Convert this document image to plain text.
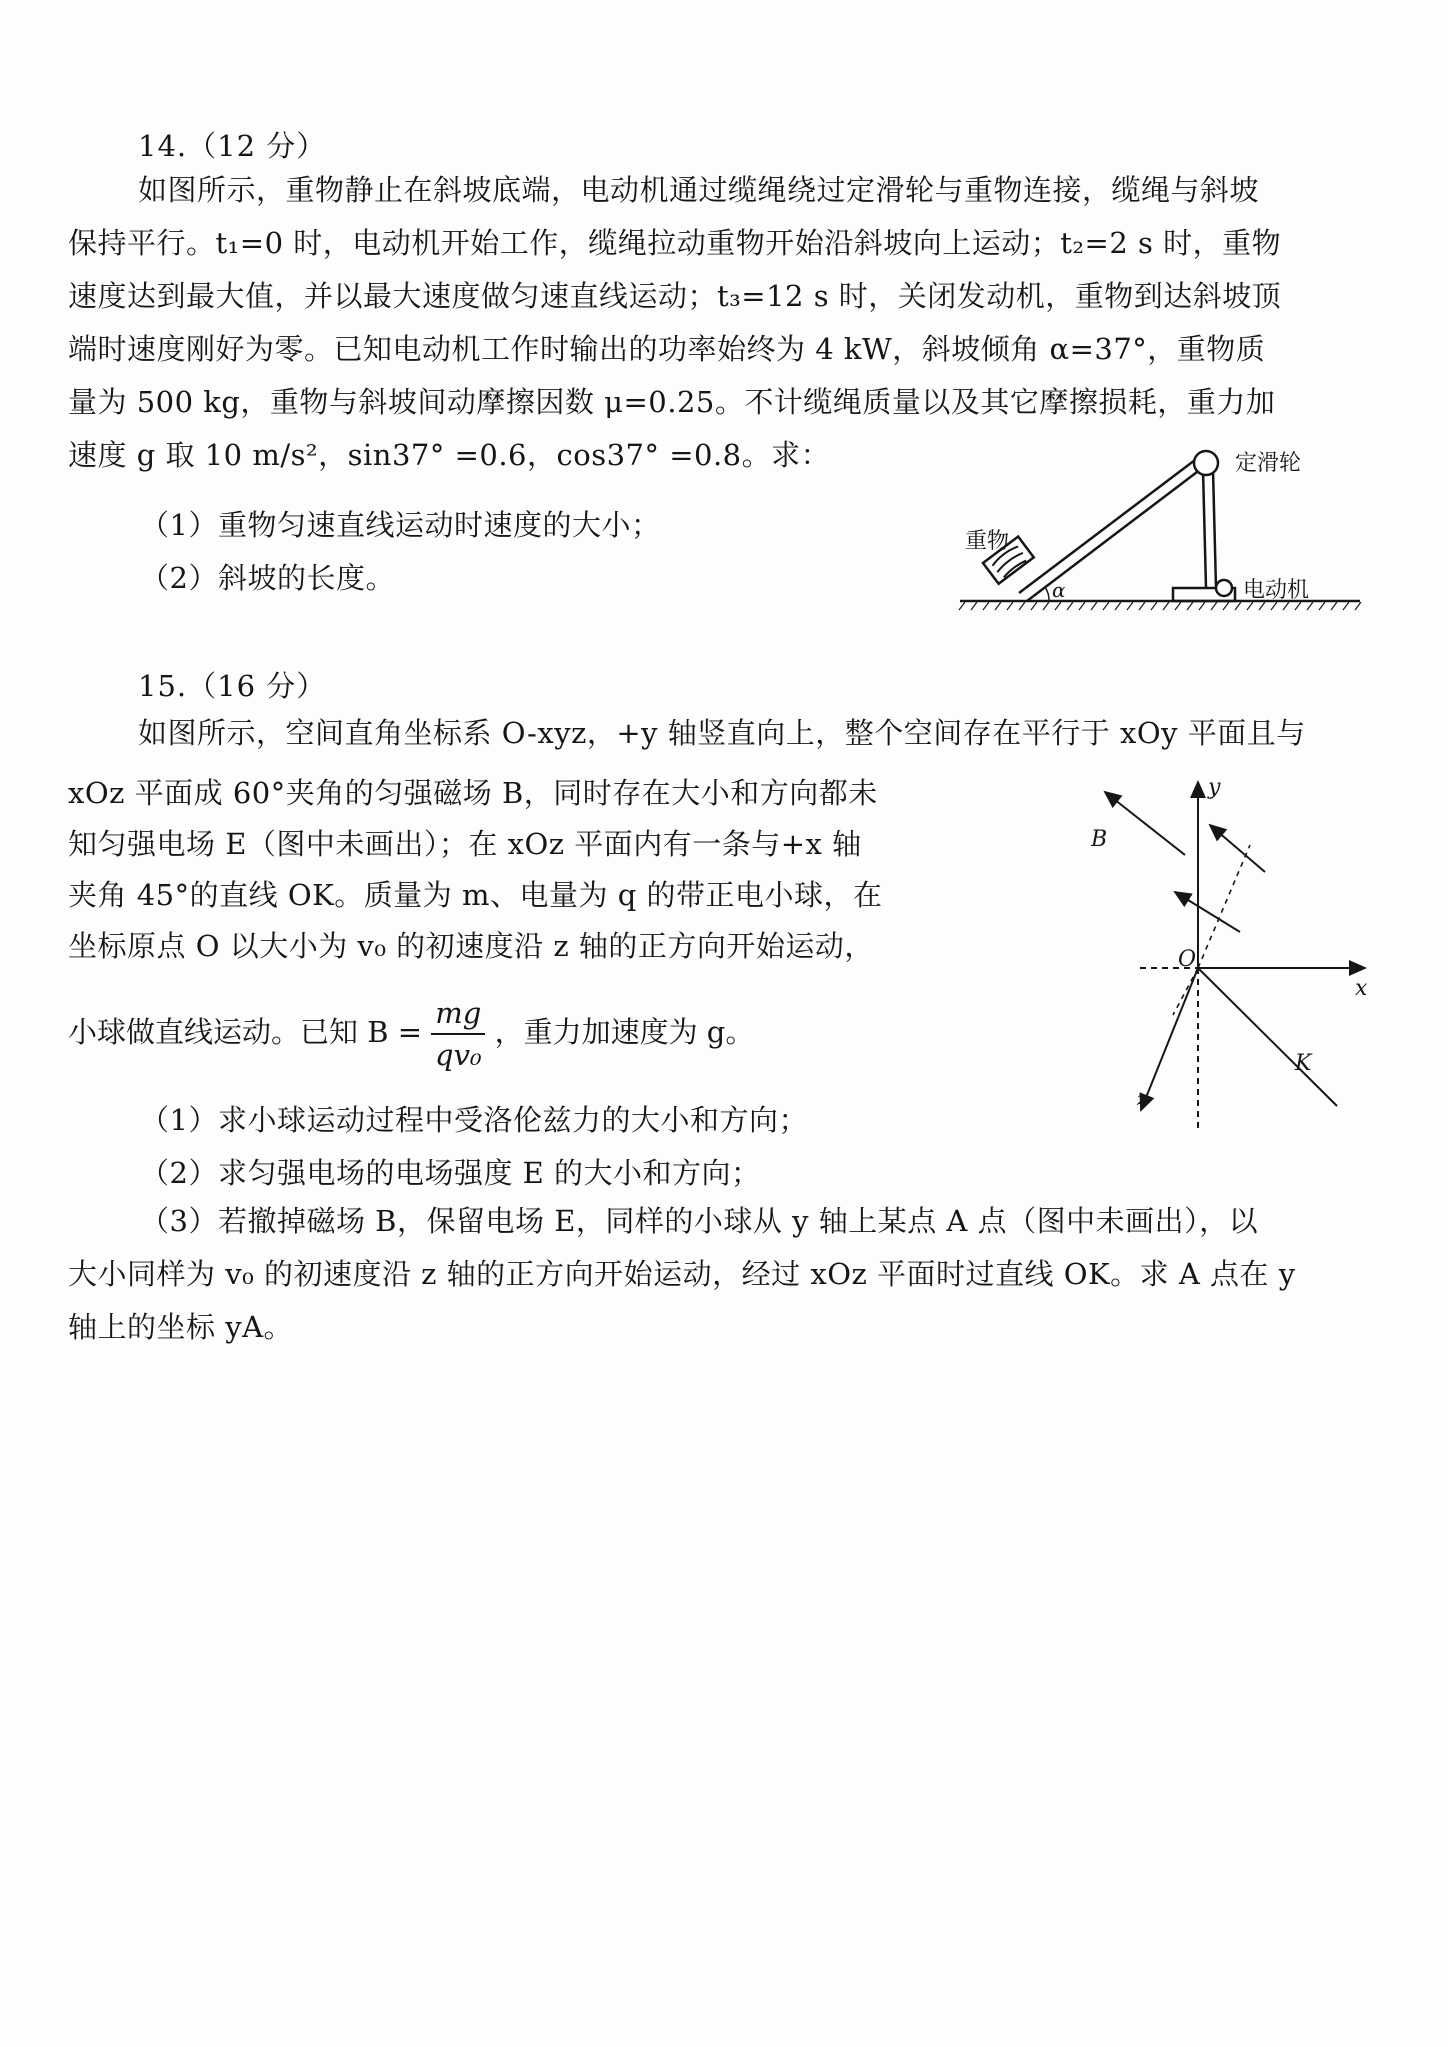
14.（12 分）
如图所示，重物静止在斜坡底端，电动机通过缆绳绕过定滑轮与重物连接，缆绳与斜坡
保持平行。t₁=0 时，电动机开始工作，缆绳拉动重物开始沿斜坡向上运动；t₂=2 s 时，重物
速度达到最大值，并以最大速度做匀速直线运动；t₃=12 s 时，关闭发动机，重物到达斜坡顶
端时速度刚好为零。已知电动机工作时输出的功率始终为 4 kW，斜坡倾角 α=37°，重物质
量为 500 kg，重物与斜坡间动摩擦因数 μ=0.25。不计缆绳质量以及其它摩擦损耗，重力加
速度 g 取 10 m/s²，sin37° =0.6，cos37° =0.8。求：
（1）重物匀速直线运动时速度的大小；
（2）斜坡的长度。
定滑轮
重物
电动机
α
15.（16 分）
如图所示，空间直角坐标系 O-xyz，+y 轴竖直向上，整个空间存在平行于 xOy 平面且与
xOz 平面成 60°夹角的匀强磁场 B，同时存在大小和方向都未
知匀强电场 E（图中未画出）；在 xOz 平面内有一条与+x 轴
夹角 45°的直线 OK。质量为 m、电量为 q 的带正电小球，在
坐标原点 O 以大小为 v₀ 的初速度沿 z 轴的正方向开始运动，
小球做直线运动。已知 $B = \frac{mg}{\text{qv₀}}$ ，重力加速度为 g。
（1）求小球运动过程中受洛伦兹力的大小和方向；
（2）求匀强电场的电场强度 E 的大小和方向；
（3）若撤掉磁场 B，保留电场 E，同样的小球从 y 轴上某点 A 点（图中未画出），以
大小同样为 v₀ 的初速度沿 z 轴的正方向开始运动，经过 xOz 平面时过直线 OK。求 A 点在 y
轴上的坐标 yA。
B
y
x
z
O
K
